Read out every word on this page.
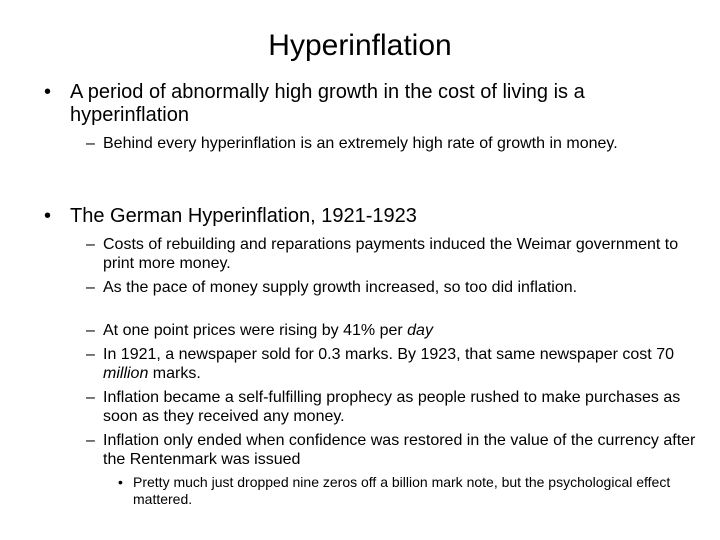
Hyperinflation
• A period of abnormally high growth in the cost of living is a hyperinflation
– Behind every hyperinflation is an extremely high rate of growth in money.
• The German Hyperinflation, 1921-1923
– Costs of rebuilding and reparations payments induced the Weimar government to print more money.
– As the pace of money supply growth increased, so too did inflation.
– At one point prices were rising by 41% per day
– In 1921, a newspaper sold for 0.3 marks. By 1923, that same newspaper cost 70 million marks.
– Inflation became a self-fulfilling prophecy as people rushed to make purchases as soon as they received any money.
– Inflation only ended when confidence was restored in the value of the currency after the Rentenmark was issued
• Pretty much just dropped nine zeros off a billion mark note, but the psychological effect mattered.
